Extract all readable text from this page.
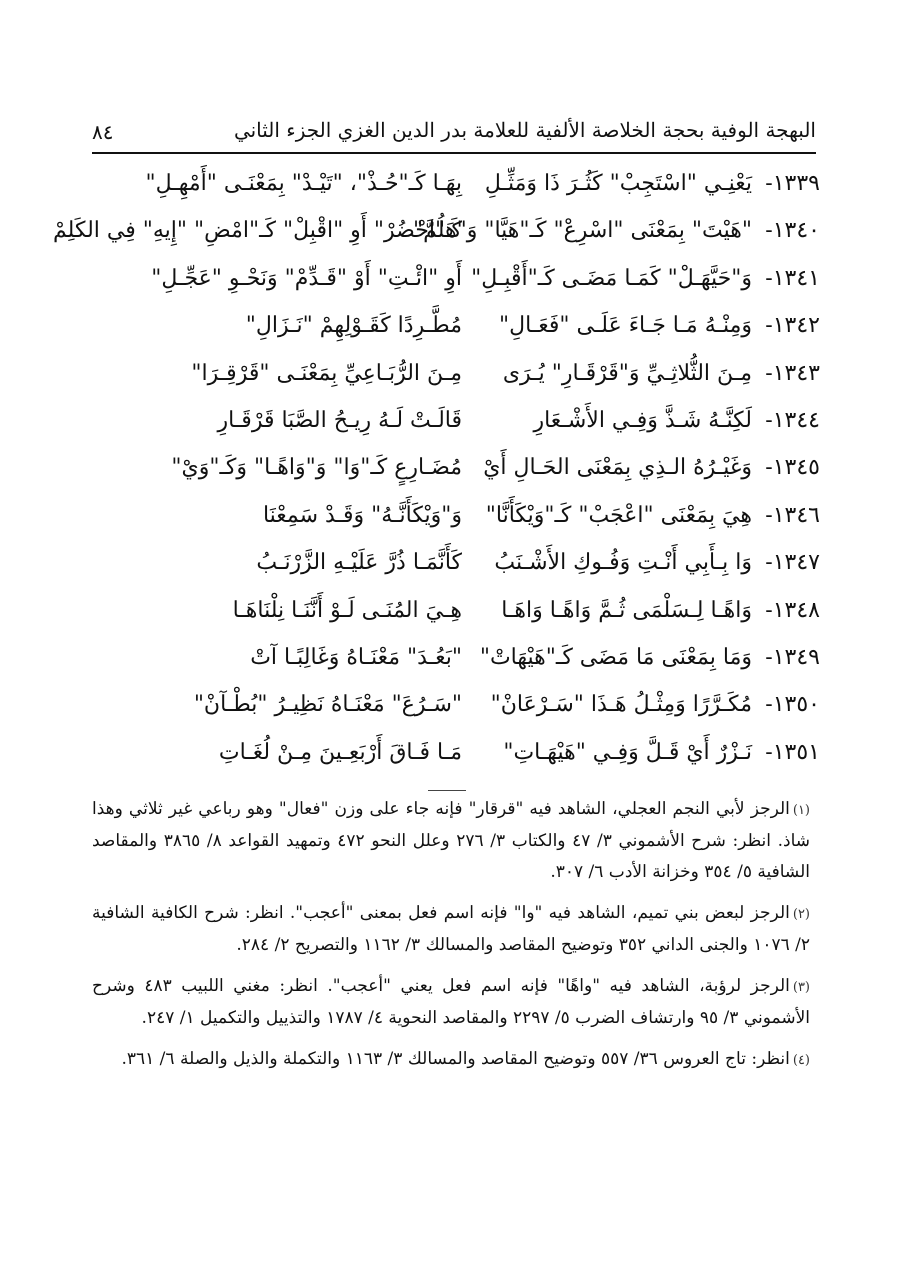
البهجة الوفية بحجة الخلاصة الألفية للعلامة بدر الدين الغزي الجزء الثاني
٨٤
١٣٣٩-
يَعْنِـي "اسْتَجِبْ" كَثُـرَ ذَا وَمَثِّـلِ
بِهَـا كَـ"حُـذْ"، "تَيْـدْ" بِمَعْنَـى "أَمْهِـلِ"
١٣٤٠-
"هَيْتَ" بِمَعْنَى "اسْرِعْ" كَـ"هَيَّا" وَ"هَلُمَّ"
كَـ"احْضُرْ" أَوِ "اقْبِلْ" كَـ"امْضِ" "إِيهِ" فِي الكَلِمْ
١٣٤١-
وَ"حَيَّهَـلْ" كَمَـا مَضَـى كَـ"أَقْبِـلِ"
أَوِ "ائْـتِ" أَوْ "قَـدِّمْ" وَنَحْـوِ "عَجِّـلِ"
١٣٤٢-
وَمِنْـهُ مَـا جَـاءَ عَلَـى "فَعَـالِ"
مُطَّـرِدًا كَقَـوْلِهِمْ "نَـزَالِ"
١٣٤٣-
مِـنَ الثُّلاثِـيِّ وَ"قَرْقَـارِ" يُـرَى
مِـنَ الرُّبَـاعِيِّ بِمَعْنَـى "قَرْقِـرَا"
١٣٤٤-
لَكِنَّـهُ شَـذَّ وَفِـي الأَشْـعَارِ
قَالَـتْ لَـهُ رِيـحُ الصَّبَا قَرْقَـارِ
١٣٤٥-
وَغَيْـرُهُ الـذِي بِمَعْنَى الحَـالِ أَيْ
مُضَـارِعٍ كَـ"وَا" وَ"وَاهًـا" وَكَـ"وَيْ"
١٣٤٦-
هِيَ بِمَعْنَى "اعْجَبْ" كَـ"وَيْكَأَنَّا"
وَ"وَيْكَأَنَّـهُ" وَقَـدْ سَمِعْنَا
١٣٤٧-
وَا بِـأَبِي أَنْـتِ وَفُـوكِ الأَشْـنَبُ
كَأَنَّمَـا ذُرَّ عَلَيْـهِ الزَّرْنَـبُ
١٣٤٨-
وَاهًـا لِـسَلْمَى ثُـمَّ وَاهًـا وَاهَـا
هِـيَ المُنَـى لَـوْ أَنَّنَـا نِلْنَاهَـا
١٣٤٩-
وَمَا بِمَعْنَى مَا مَضَى كَـ"هَيْهَاتْ"
"بَعُـدَ" مَعْنَـاهُ وَغَالِبًـا آتْ
١٣٥٠-
مُكَـرَّرًا وَمِثْـلُ هَـذَا "سَـرْعَانْ"
"سَـرُعَ" مَعْنَـاهُ نَظِيـرُ "بُطْـآنْ"
١٣٥١-
نَـزْرٌ أَيْ قَـلَّ وَفِـي "هَيْهَـاتِ"
مَـا فَـاقَ أَرْبَعِـينَ مِـنْ لُغَـاتِ
(١)الرجز لأبي النجم العجلي، الشاهد فيه "قرقار" فإنه جاء على وزن "فعال" وهو رباعي غير ثلاثي وهذا شاذ. انظر: شرح الأشموني ٣/ ٤٧ والكتاب ٣/ ٢٧٦ وعلل النحو ٤٧٢ وتمهيد القواعد ٨/ ٣٨٦٥ والمقاصد الشافية ٥/ ٣٥٤ وخزانة الأدب ٦/ ٣٠٧.
(٢)الرجز لبعض بني تميم، الشاهد فيه "وا" فإنه اسم فعل بمعنى "أعجب". انظر: شرح الكافية الشافية ٢/ ١٠٧٦ والجنى الداني ٣٥٢ وتوضيح المقاصد والمسالك ٣/ ١١٦٢ والتصريح ٢/ ٢٨٤.
(٣)الرجز لرؤبة، الشاهد فيه "واهًا" فإنه اسم فعل يعني "أعجب". انظر: مغني اللبيب ٤٨٣ وشرح الأشموني ٣/ ٩٥ وارتشاف الضرب ٥/ ٢٢٩٧ والمقاصد النحوية ٤/ ١٧٨٧ والتذييل والتكميل ١/ ٢٤٧.
(٤)انظر: تاج العروس ٣٦/ ٥٥٧ وتوضيح المقاصد والمسالك ٣/ ١١٦٣ والتكملة والذيل والصلة ٦/ ٣٦١.
